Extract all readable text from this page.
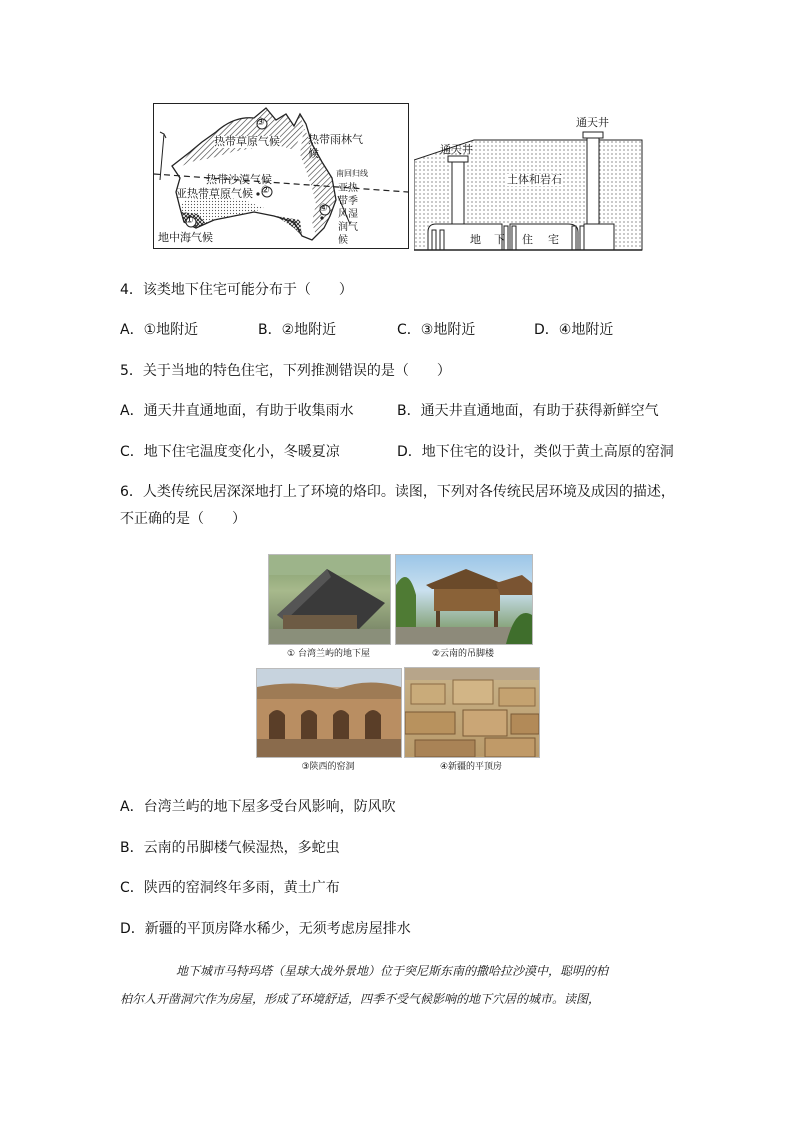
③
②
①
④
热带草原气候	热带雨林气候
南回归线
热带沙漠气候
亚热带草原气候	亚热带季风湿润气候
地中海气候
通天井
通天井
土体和岩石
地 下 住 宅
4．该类地下住宅可能分布于（　　）
A．①地附近	B．②地附近	C．③地附近	D．④地附近
5．关于当地的特色住宅，下列推测错误的是（　　）
A．通天井直通地面，有助于收集雨水	B．通天井直通地面，有助于获得新鲜空气
C．地下住宅温度变化小，冬暖夏凉	D．地下住宅的设计，类似于黄土高原的窑洞
6．人类传统民居深深地打上了环境的烙印。读图，下列对各传统民居环境及成因的描述，
不正确的是（　　）
① 台湾兰屿的地下屋	②云南的吊脚楼
③陕西的窑洞	④新疆的平顶房
A．台湾兰屿的地下屋多受台风影响，防风吹
B．云南的吊脚楼气候湿热，多蛇虫
C．陕西的窑洞终年多雨，黄土广布
D．新疆的平顶房降水稀少，无须考虑房屋排水
地下城市马特玛塔（星球大战外景地）位于突尼斯东南的撒哈拉沙漠中，聪明的柏
柏尔人开凿洞穴作为房屋，形成了环境舒适，四季不受气候影响的地下穴居的城市。读图，
